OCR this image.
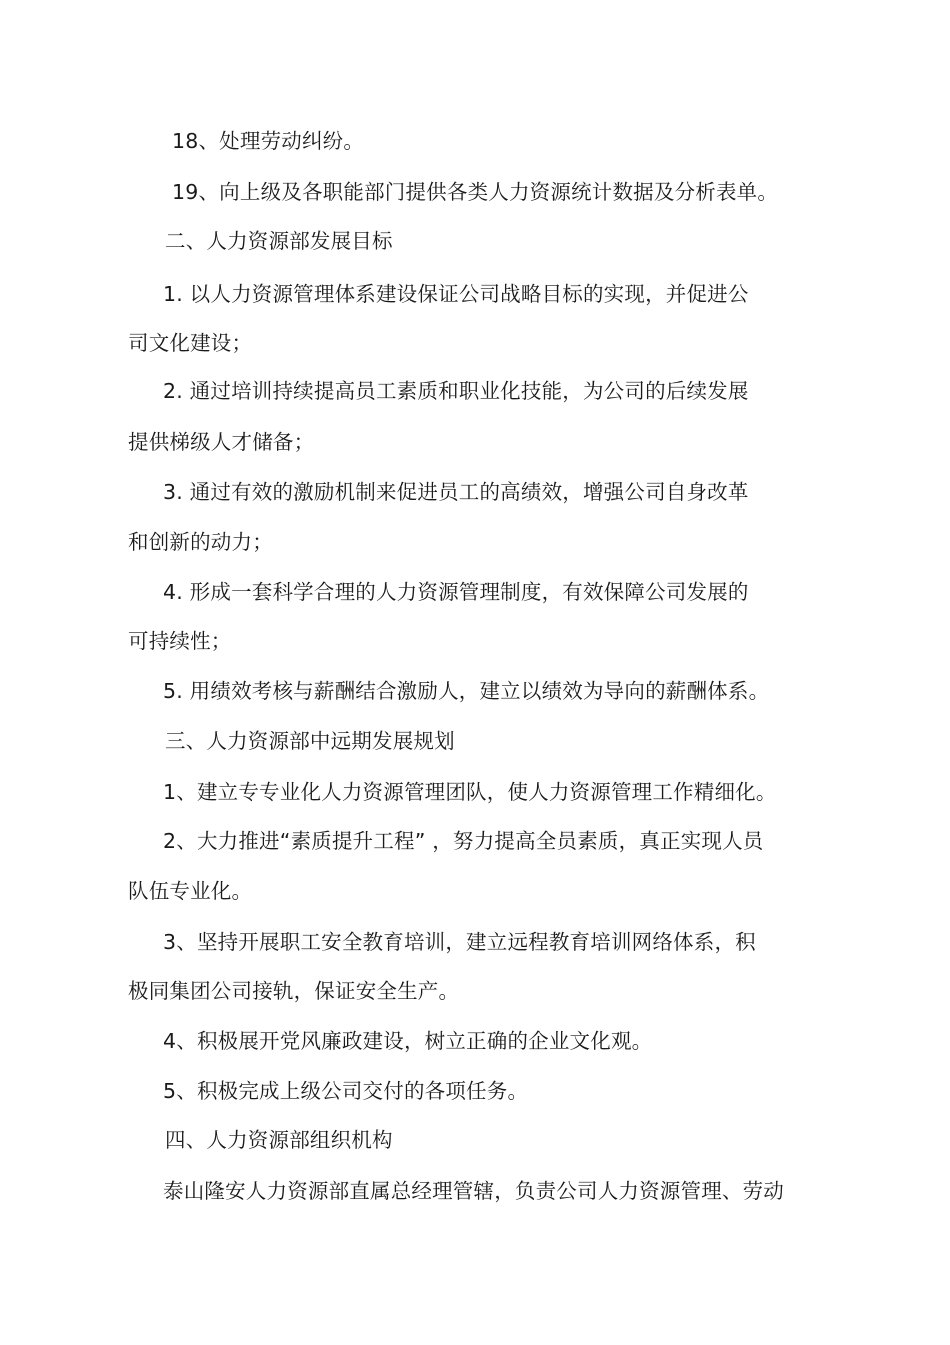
18、处理劳动纠纷。
19、向上级及各职能部门提供各类人力资源统计数据及分析表单。
二、人力资源部发展目标
1. 以人力资源管理体系建设保证公司战略目标的实现，并促进公
司文化建设；
2. 通过培训持续提高员工素质和职业化技能，为公司的后续发展
提供梯级人才储备；
3. 通过有效的激励机制来促进员工的高绩效，增强公司自身改革
和创新的动力；
4. 形成一套科学合理的人力资源管理制度，有效保障公司发展的
可持续性；
5. 用绩效考核与薪酬结合激励人，建立以绩效为导向的薪酬体系。
三、人力资源部中远期发展规划
1、建立专专业化人力资源管理团队，使人力资源管理工作精细化。
2、大力推进“素质提升工程” ，努力提高全员素质，真正实现人员
队伍专业化。
3、坚持开展职工安全教育培训，建立远程教育培训网络体系，积
极同集团公司接轨，保证安全生产。
4、积极展开党风廉政建设，树立正确的企业文化观。
5、积极完成上级公司交付的各项任务。
四、人力资源部组织机构
泰山隆安人力资源部直属总经理管辖，负责公司人力资源管理、劳动
